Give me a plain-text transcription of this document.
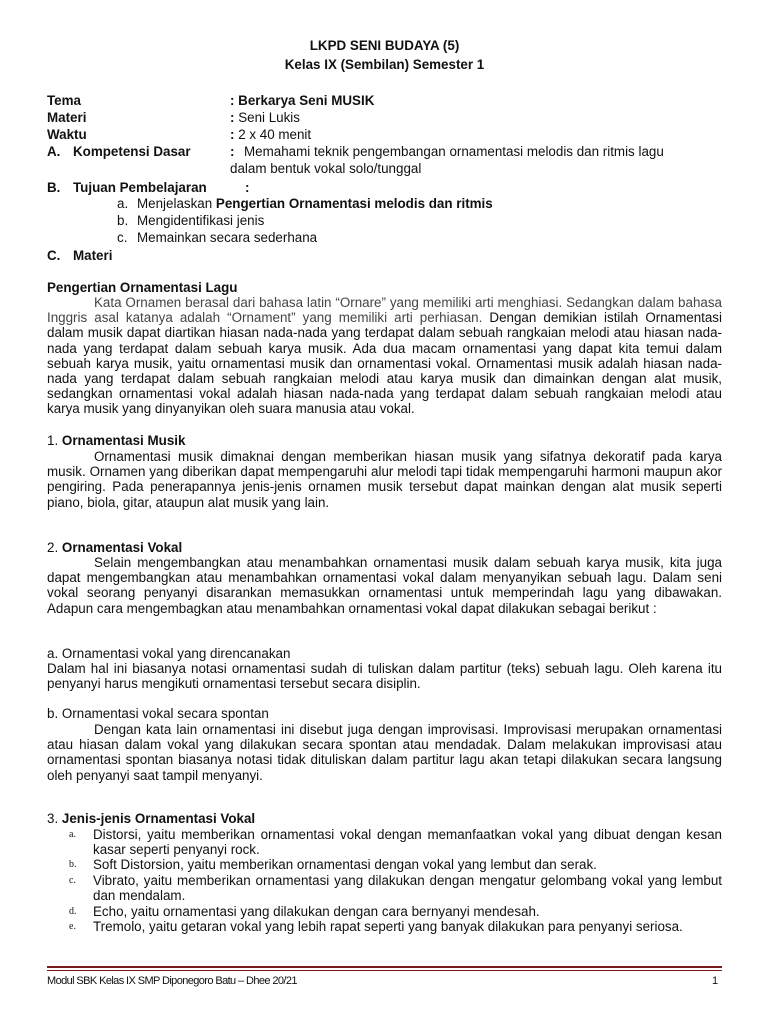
LKPD SENI BUDAYA (5)
Kelas IX (Sembilan) Semester 1
Tema	: Berkarya Seni MUSIK
Materi	: Seni Lukis
Waktu	: 2 x 40 menit
A. Kompetensi Dasar	: Memahami teknik pengembangan ornamentasi melodis dan ritmis lagu
dalam bentuk vokal solo/tunggal
B. Tujuan Pembelajaran	:
a. Menjelaskan Pengertian Ornamentasi melodis dan ritmis
b. Mengidentifikasi jenis
c. Memainkan secara sederhana
C. Materi
Pengertian Ornamentasi Lagu
Kata Ornamen berasal dari bahasa latin “Ornare” yang memiliki arti menghiasi. Sedangkan dalam bahasa Inggris asal katanya adalah “Ornament” yang memiliki arti perhiasan. Dengan demikian istilah Ornamentasi dalam musik dapat diartikan hiasan nada-nada yang terdapat dalam sebuah rangkaian melodi atau hiasan nada-nada yang terdapat dalam sebuah karya musik. Ada dua macam ornamentasi yang dapat kita temui dalam sebuah karya musik, yaitu ornamentasi musik dan ornamentasi vokal. Ornamentasi musik adalah hiasan nada-nada yang terdapat dalam sebuah rangkaian melodi atau karya musik dan dimainkan dengan alat musik, sedangkan ornamentasi vokal adalah hiasan nada-nada yang terdapat dalam sebuah rangkaian melodi atau karya musik yang dinyanyikan oleh suara manusia atau vokal.
1. Ornamentasi Musik
Ornamentasi musik dimaknai dengan memberikan hiasan musik yang sifatnya dekoratif pada karya musik. Ornamen yang diberikan dapat mempengaruhi alur melodi tapi tidak mempengaruhi harmoni maupun akor pengiring. Pada penerapannya jenis-jenis ornamen musik tersebut dapat mainkan dengan alat musik seperti piano, biola, gitar, ataupun alat musik yang lain.
2. Ornamentasi Vokal
Selain mengembangkan atau menambahkan ornamentasi musik dalam sebuah karya musik, kita juga dapat mengembangkan atau menambahkan ornamentasi vokal dalam menyanyikan sebuah lagu. Dalam seni vokal seorang penyanyi disarankan memasukkan ornamentasi untuk memperindah lagu yang dibawakan. Adapun cara mengembagkan atau menambahkan ornamentasi vokal dapat dilakukan sebagai berikut :
a. Ornamentasi vokal yang direncanakan
Dalam hal ini biasanya notasi ornamentasi sudah di tuliskan dalam partitur (teks) sebuah lagu. Oleh karena itu penyanyi harus mengikuti ornamentasi tersebut secara disiplin.
b. Ornamentasi vokal secara spontan
Dengan kata lain ornamentasi ini disebut juga dengan improvisasi. Improvisasi merupakan ornamentasi atau hiasan dalam vokal yang dilakukan secara spontan atau mendadak. Dalam melakukan improvisasi atau ornamentasi spontan biasanya notasi tidak dituliskan dalam partitur lagu akan tetapi dilakukan secara langsung oleh penyanyi saat tampil menyanyi.
3. Jenis-jenis Ornamentasi Vokal
a. Distorsi, yaitu memberikan ornamentasi vokal dengan memanfaatkan vokal yang dibuat dengan kesan kasar seperti penyanyi rock.
b. Soft Distorsion, yaitu memberikan ornamentasi dengan vokal yang lembut dan serak.
c. Vibrato, yaitu memberikan ornamentasi yang dilakukan dengan mengatur gelombang vokal yang lembut dan mendalam.
d. Echo, yaitu ornamentasi yang dilakukan dengan cara bernyanyi mendesah.
e. Tremolo, yaitu getaran vokal yang lebih rapat seperti yang banyak dilakukan para penyanyi seriosa.
Modul SBK Kelas IX SMP Diponegoro Batu – Dhee 20/21	1
